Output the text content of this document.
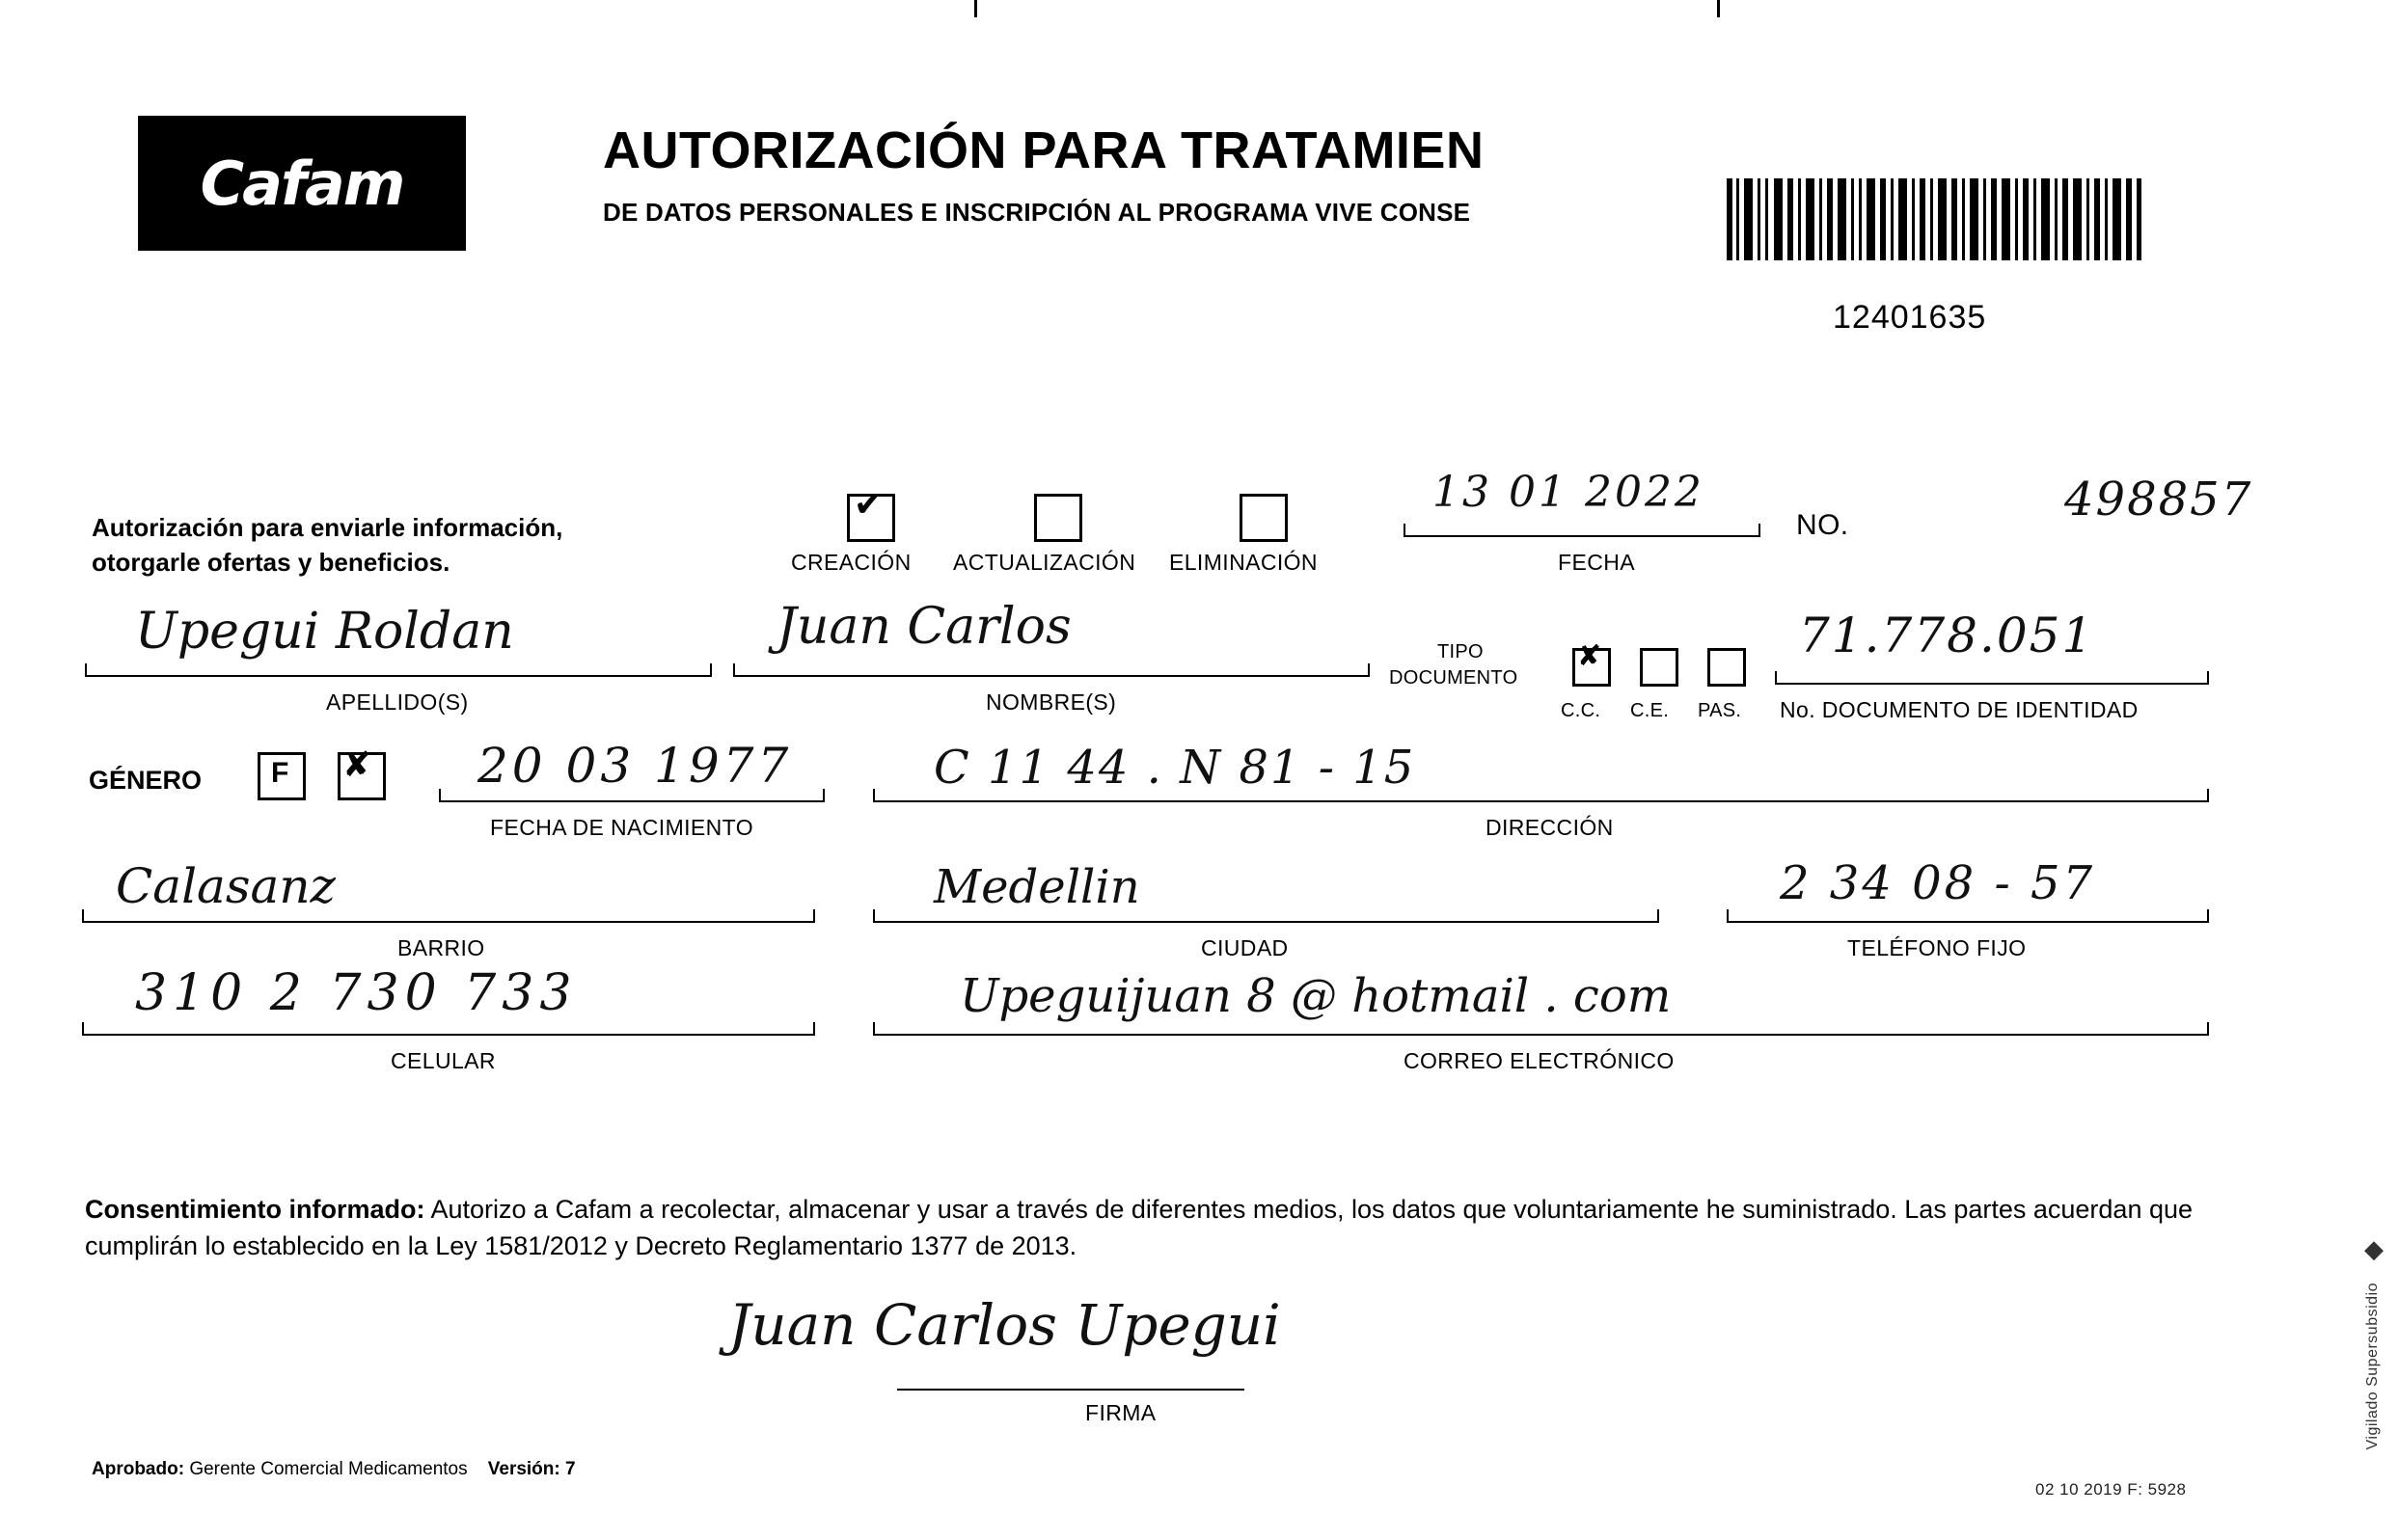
Cafam	AUTORIZACIÓN PARA TRATAMIEN
DE DATOS PERSONALES E INSCRIPCIÓN AL PROGRAMA VIVE CONSE
12401635
Autorización para enviarle información,
otorgarle ofertas y beneficios.
✔
CREACIÓN ACTUALIZACIÓN ELIMINACIÓN
13 01 2022
FECHA
NO.	498857
Upegui Roldan
APELLIDO(S)
Juan Carlos
NOMBRE(S)
TIPO
DOCUMENTO
✘
C.C. C.E. PAS.
71.778.051
No. DOCUMENTO DE IDENTIDAD
GÉNERO F ✘ 20 03 1977
FECHA DE NACIMIENTO
C 11 44 . N 81 - 15
DIRECCIÓN
Calasanz
BARRIO
Medellin
CIUDAD
2 34 08 - 57
TELÉFONO FIJO
310 2 730 733
CELULAR
Upeguijuan 8 @ hotmail . com
CORREO ELECTRÓNICO
Consentimiento informado: Autorizo a Cafam a recolectar, almacenar y usar a través de diferentes medios, los datos que voluntariamente he suministrado. Las partes acuerdan que cumplirán lo establecido en la Ley 1581/2012 y Decreto Reglamentario 1377 de 2013.
Juan Carlos Upegui
FIRMA
Aprobado: Gerente Comercial Medicamentos Versión: 7
02 10 2019 F: 5928
◆
Vigilado Supersubsidio
